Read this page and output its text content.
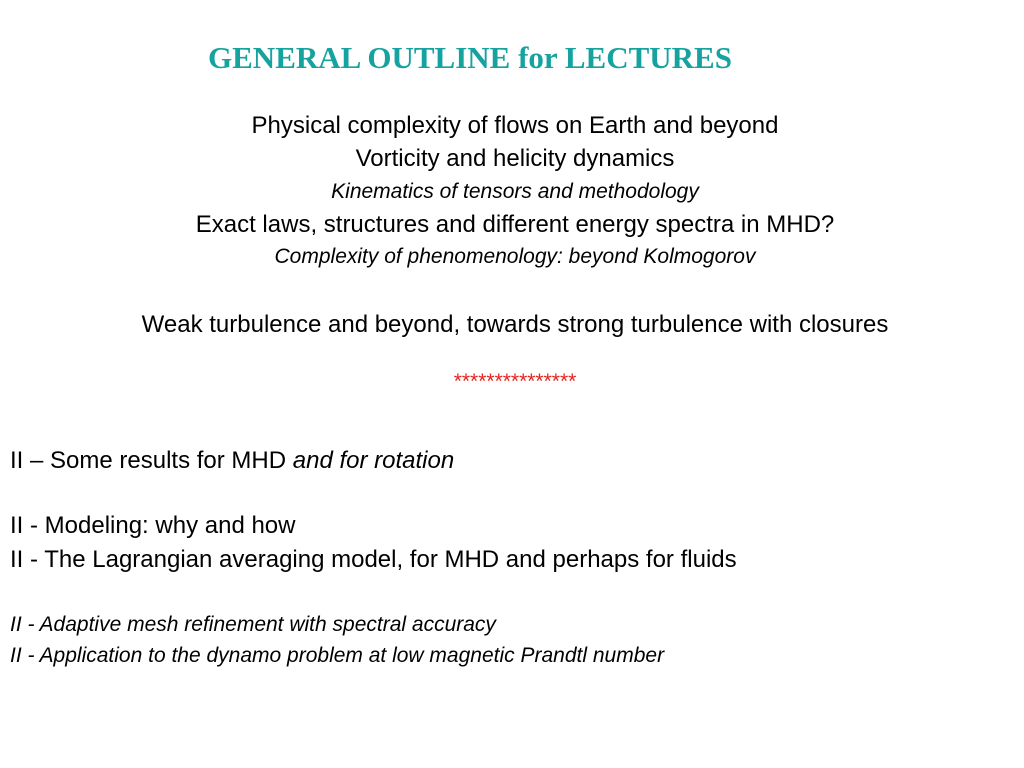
GENERAL OUTLINE for LECTURES
Physical complexity of flows on Earth and beyond
Vorticity and helicity dynamics
Kinematics of tensors and methodology
Exact laws, structures and different energy spectra in MHD?
Complexity of phenomenology: beyond Kolmogorov
Weak turbulence and beyond, towards strong turbulence with closures
***************
II – Some results for MHD and for rotation
II - Modeling: why and how
II - The Lagrangian averaging model, for MHD and perhaps for fluids
II - Adaptive mesh refinement with spectral accuracy
II - Application to the dynamo problem at low magnetic Prandtl number
